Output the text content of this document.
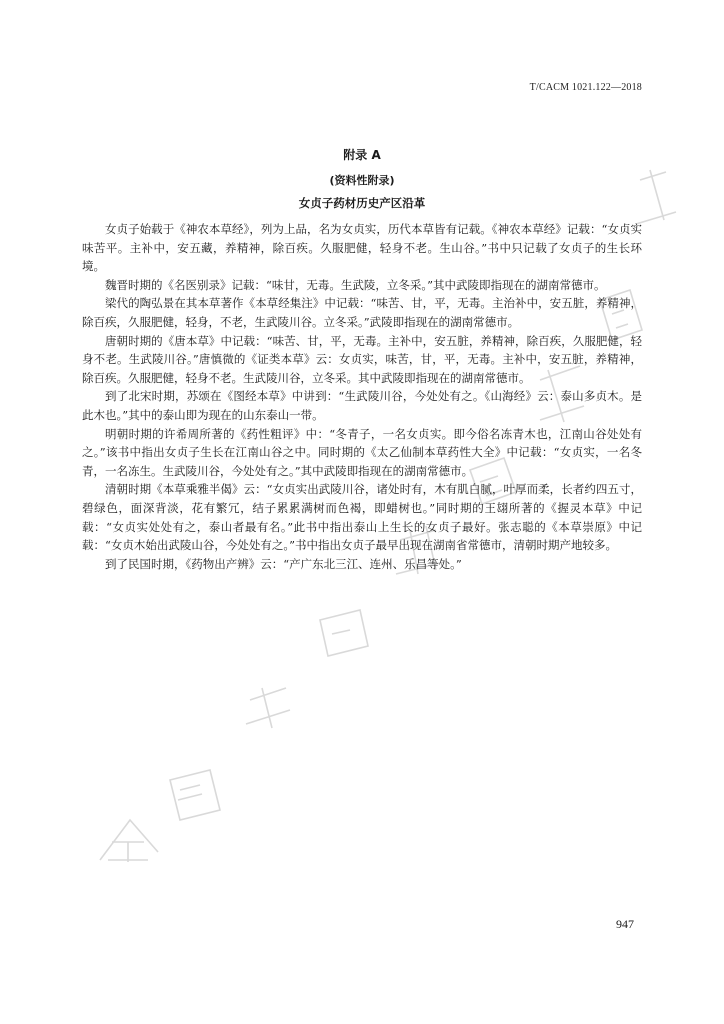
T/CACM 1021.122—2018
附录 A
(资料性附录)
女贞子药材历史产区沿革

女贞子始载于《神农本草经》，列为上品，名为女贞实，历代本草皆有记载。《神农本草经》记载：“女贞实味苦平。主补中，安五藏，养精神，除百疾。久服肥健，轻身不老。生山谷。”书中只记载了女贞子的生长环境。

魏晋时期的《名医别录》记载：“味甘，无毒。生武陵，立冬采。”其中武陵即指现在的湖南常德市。

梁代的陶弘景在其本草著作《本草经集注》中记载：“味苦、甘，平，无毒。主治补中，安五脏，养精神，除百疾，久服肥健，轻身，不老，生武陵川谷。立冬采。”武陵即指现在的湖南常德市。

唐朝时期的《唐本草》中记载：“味苦、甘，平，无毒。主补中，安五脏，养精神，除百疾，久服肥健，轻身不老。生武陵川谷。”唐慎微的《证类本草》云：女贞实，味苦，甘，平，无毒。主补中，安五脏，养精神，除百疾。久服肥健，轻身不老。生武陵川谷，立冬采。其中武陵即指现在的湖南常德市。

到了北宋时期，苏颂在《图经本草》中讲到：“生武陵川谷，今处处有之。《山海经》云：泰山多贞木。是此木也。”其中的泰山即为现在的山东泰山一带。

明朝时期的许希周所著的《药性粗评》中：“冬青子，一名女贞实。即今俗名冻青木也，江南山谷处处有之。”该书中指出女贞子生长在江南山谷之中。同时期的《太乙仙制本草药性大全》中记载：“女贞实，一名冬青，一名冻生。生武陵川谷，今处处有之。”其中武陵即指现在的湖南常德市。

清朝时期《本草乘雅半偈》云：“女贞实出武陵川谷，诸处时有，木有肌白腻，叶厚而柔，长者约四五寸，碧绿色，面深背淡，花有繁冗，结子累累满树而色褐，即蜡树也。”同时期的王翃所著的《握灵本草》中记载：“女贞实处处有之，泰山者最有名。”此书中指出泰山上生长的女贞子最好。张志聪的《本草崇原》中记载：“女贞木始出武陵山谷，今处处有之。”书中指出女贞子最早出现在湖南省常德市，清朝时期产地较多。

到了民国时期，《药物出产辨》云：“产广东北三江、连州、乐昌等处。”

947
